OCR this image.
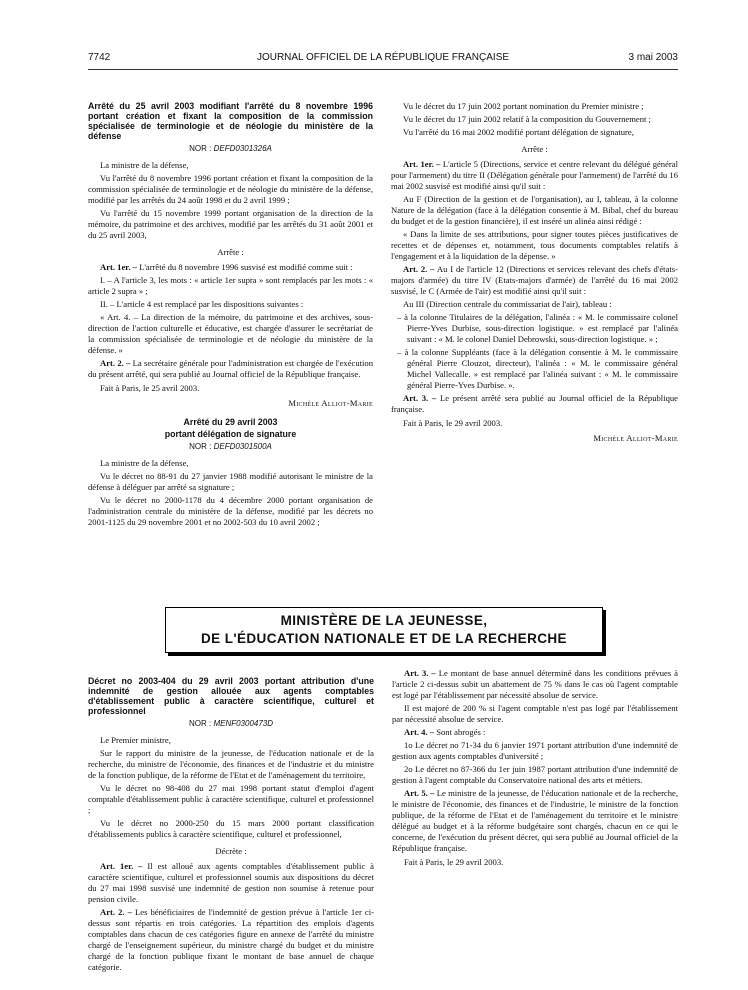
7742	JOURNAL OFFICIEL DE LA RÉPUBLIQUE FRANÇAISE	3 mai 2003
Arrêté du 25 avril 2003 modifiant l'arrêté du 8 novembre 1996 portant création et fixant la composition de la commission spécialisée de terminologie et de néologie du ministère de la défense
NOR : DEFD0301326A

La ministre de la défense,

Vu l'arrêté du 8 novembre 1996 portant création et fixant la composition de la commission spécialisée de terminologie et de néologie du ministère de la défense, modifié par les arrêtés du 24 août 1998 et du 2 avril 1999 ;

Vu l'arrêté du 15 novembre 1999 portant organisation de la direction de la mémoire, du patrimoine et des archives, modifié par les arrêtés du 31 août 2001 et du 25 avril 2003,

Arrête :

Art. 1er. – L'arrêté du 8 novembre 1996 susvisé est modifié comme suit :

I. – A l'article 3, les mots : « article 1er supra » sont remplacés par les mots : « article 2 supra » ;

II. – L'article 4 est remplacé par les dispositions suivantes :

« Art. 4. – La direction de la mémoire, du patrimoine et des archives, sous-direction de l'action culturelle et éducative, est chargée d'assurer le secrétariat de la commission spécialisée de terminologie et de néologie du ministère de la défense. »

Art. 2. – La secrétaire générale pour l'administration est chargée de l'exécution du présent arrêté, qui sera publié au Journal officiel de la République française.

Fait à Paris, le 25 avril 2003.

Michèle Alliot-Marie

Arrêté du 29 avril 2003
portant délégation de signature
NOR : DEFD0301500A

La ministre de la défense,

Vu le décret no 88-91 du 27 janvier 1988 modifié autorisant le ministre de la défense à déléguer par arrêté sa signature ;

Vu le décret no 2000-1178 du 4 décembre 2000 portant organisation de l'administration centrale du ministère de la défense, modifié par les décrets no 2001-1125 du 29 novembre 2001 et no 2002-503 du 10 avril 2002 ;

Vu le décret du 17 juin 2002 portant nomination du Premier ministre ;

Vu le décret du 17 juin 2002 relatif à la composition du Gouvernement ;

Vu l'arrêté du 16 mai 2002 modifié portant délégation de signature,

Arrête :

Art. 1er. – L'article 5 (Directions, service et centre relevant du délégué général pour l'armement) du titre II (Délégation générale pour l'armement) de l'arrêté du 16 mai 2002 susvisé est modifié ainsi qu'il suit :

Au F (Direction de la gestion et de l'organisation), au I, tableau, à la colonne Nature de la délégation (face à la délégation consentie à M. Bibal, chef du bureau du budget et de la gestion financière), il est inséré un alinéa ainsi rédigé :

« Dans la limite de ses attributions, pour signer toutes pièces justificatives de recettes et de dépenses et, notamment, tous documents comptables relatifs à l'engagement et à la liquidation de la dépense. »

Art. 2. – Au I de l'article 12 (Directions et services relevant des chefs d'états-majors d'armée) du titre IV (Etats-majors d'armée) de l'arrêté du 16 mai 2002 susvisé, le C (Armée de l'air) est modifié ainsi qu'il suit :

Au III (Direction centrale du commissariat de l'air), tableau :

– à la colonne Titulaires de la délégation, l'alinéa : « M. le commissaire colonel Pierre-Yves Durbise, sous-direction logistique. » est remplacé par l'alinéa suivant : « M. le colonel Daniel Debrowski, sous-direction logistique. » ;

– à la colonne Suppléants (face à la délégation consentie à M. le commissaire général Pierre Clouzot, directeur), l'alinéa : « M. le commissaire général Michel Vallecalle. » est remplacé par l'alinéa suivant : « M. le commissaire général Pierre-Yves Durbise. ».

Art. 3. – Le présent arrêté sera publié au Journal officiel de la République française.

Fait à Paris, le 29 avril 2003.

Michèle Alliot-Marie

MINISTÈRE DE LA JEUNESSE,
DE L'ÉDUCATION NATIONALE ET DE LA RECHERCHE
Décret no 2003-404 du 29 avril 2003 portant attribution d'une indemnité de gestion allouée aux agents comptables d'établissement public à caractère scientifique, culturel et professionnel
NOR : MENF0300473D

Le Premier ministre,

Sur le rapport du ministre de la jeunesse, de l'éducation nationale et de la recherche, du ministre de l'économie, des finances et de l'industrie et du ministre de la fonction publique, de la réforme de l'Etat et de l'aménagement du territoire,

Vu le décret no 98-408 du 27 mai 1998 portant statut d'emploi d'agent comptable d'établissement public à caractère scientifique, culturel et professionnel ;

Vu le décret no 2000-250 du 15 mars 2000 portant classification d'établissements publics à caractère scientifique, culturel et professionnel,

Décrète :

Art. 1er. – Il est alloué aux agents comptables d'établissement public à caractère scientifique, culturel et professionnel soumis aux dispositions du décret du 27 mai 1998 susvisé une indemnité de gestion non soumise à retenue pour pension civile.

Art. 2. – Les bénéficiaires de l'indemnité de gestion prévue à l'article 1er ci-dessus sont répartis en trois catégories. La répartition des emplois d'agents comptables dans chacun de ces catégories figure en annexe de l'arrêté du ministre chargé de l'enseignement supérieur, du ministre chargé du budget et du ministre chargé de la fonction publique fixant le montant de base annuel de chaque catégorie.

Art. 3. – Le montant de base annuel déterminé dans les conditions prévues à l'article 2 ci-dessus subit un abattement de 75 % dans le cas où l'agent comptable est logé par l'établissement par nécessité absolue de service.

Il est majoré de 200 % si l'agent comptable n'est pas logé par l'établissement par nécessité absolue de service.

Art. 4. – Sont abrogés :

1o Le décret no 71-34 du 6 janvier 1971 portant attribution d'une indemnité de gestion aux agents comptables d'université ;

2o Le décret no 87-366 du 1er juin 1987 portant attribution d'une indemnité de gestion à l'agent comptable du Conservatoire national des arts et métiers.

Art. 5. – Le ministre de la jeunesse, de l'éducation nationale et de la recherche, le ministre de l'économie, des finances et de l'industrie, le ministre de la fonction publique, de la réforme de l'Etat et de l'aménagement du territoire et le ministre délégué au budget et à la réforme budgétaire sont chargés, chacun en ce qui le concerne, de l'exécution du présent décret, qui sera publié au Journal officiel de la République française.

Fait à Paris, le 29 avril 2003.
